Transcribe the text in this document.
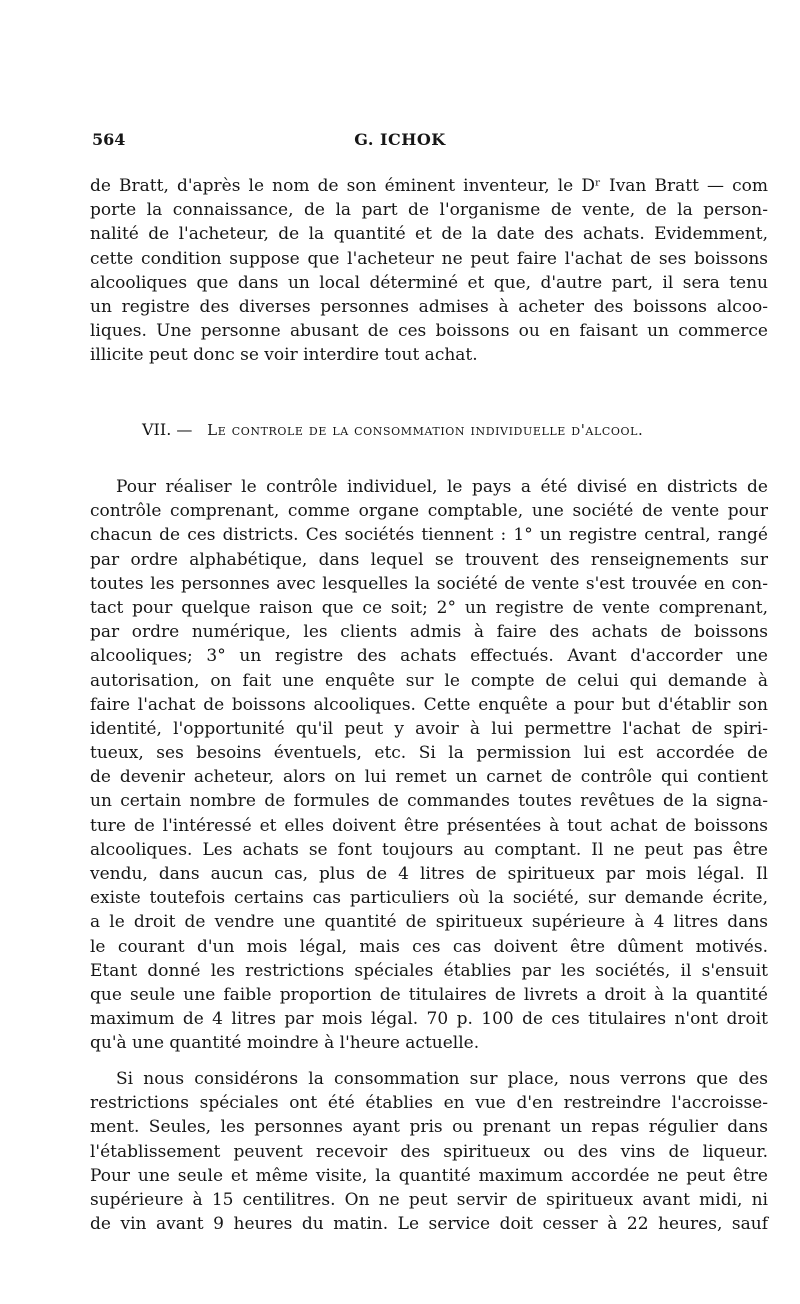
564	G. ICHOK
de Bratt, d'après le nom de son éminent inventeur, le Dʳ Ivan Bratt — com
porte la connaissance, de la part de l'organisme de vente, de la person-
nalité de l'acheteur, de la quantité et de la date des achats. Evidemment,
cette condition suppose que l'acheteur ne peut faire l'achat de ses boissons
alcooliques que dans un local déterminé et que, d'autre part, il sera tenu
un registre des diverses personnes admises à acheter des boissons alcoo-
liques. Une personne abusant de ces boissons ou en faisant un commerce
illicite peut donc se voir interdire tout achat.
VII. — Le controle de la consommation individuelle d'alcool.
Pour réaliser le contrôle individuel, le pays a été divisé en districts de
contrôle comprenant, comme organe comptable, une société de vente pour
chacun de ces districts. Ces sociétés tiennent : 1° un registre central, rangé
par ordre alphabétique, dans lequel se trouvent des renseignements sur
toutes les personnes avec lesquelles la société de vente s'est trouvée en con-
tact pour quelque raison que ce soit; 2° un registre de vente comprenant,
par ordre numérique, les clients admis à faire des achats de boissons
alcooliques; 3° un registre des achats effectués. Avant d'accorder une
autorisation, on fait une enquête sur le compte de celui qui demande à
faire l'achat de boissons alcooliques. Cette enquête a pour but d'établir son
identité, l'opportunité qu'il peut y avoir à lui permettre l'achat de spiri-
tueux, ses besoins éventuels, etc. Si la permission lui est accordée de
de devenir acheteur, alors on lui remet un carnet de contrôle qui contient
un certain nombre de formules de commandes toutes revêtues de la signa-
ture de l'intéressé et elles doivent être présentées à tout achat de boissons
alcooliques. Les achats se font toujours au comptant. Il ne peut pas être
vendu, dans aucun cas, plus de 4 litres de spiritueux par mois légal. Il
existe toutefois certains cas particuliers où la société, sur demande écrite,
a le droit de vendre une quantité de spiritueux supérieure à 4 litres dans
le courant d'un mois légal, mais ces cas doivent être dûment motivés.
Etant donné les restrictions spéciales établies par les sociétés, il s'ensuit
que seule une faible proportion de titulaires de livrets a droit à la quantité
maximum de 4 litres par mois légal. 70 p. 100 de ces titulaires n'ont droit
qu'à une quantité moindre à l'heure actuelle.
Si nous considérons la consommation sur place, nous verrons que des
restrictions spéciales ont été établies en vue d'en restreindre l'accroisse-
ment. Seules, les personnes ayant pris ou prenant un repas régulier dans
l'établissement peuvent recevoir des spiritueux ou des vins de liqueur.
Pour une seule et même visite, la quantité maximum accordée ne peut être
supérieure à 15 centilitres. On ne peut servir de spiritueux avant midi, ni
de vin avant 9 heures du matin. Le service doit cesser à 22 heures, sauf
